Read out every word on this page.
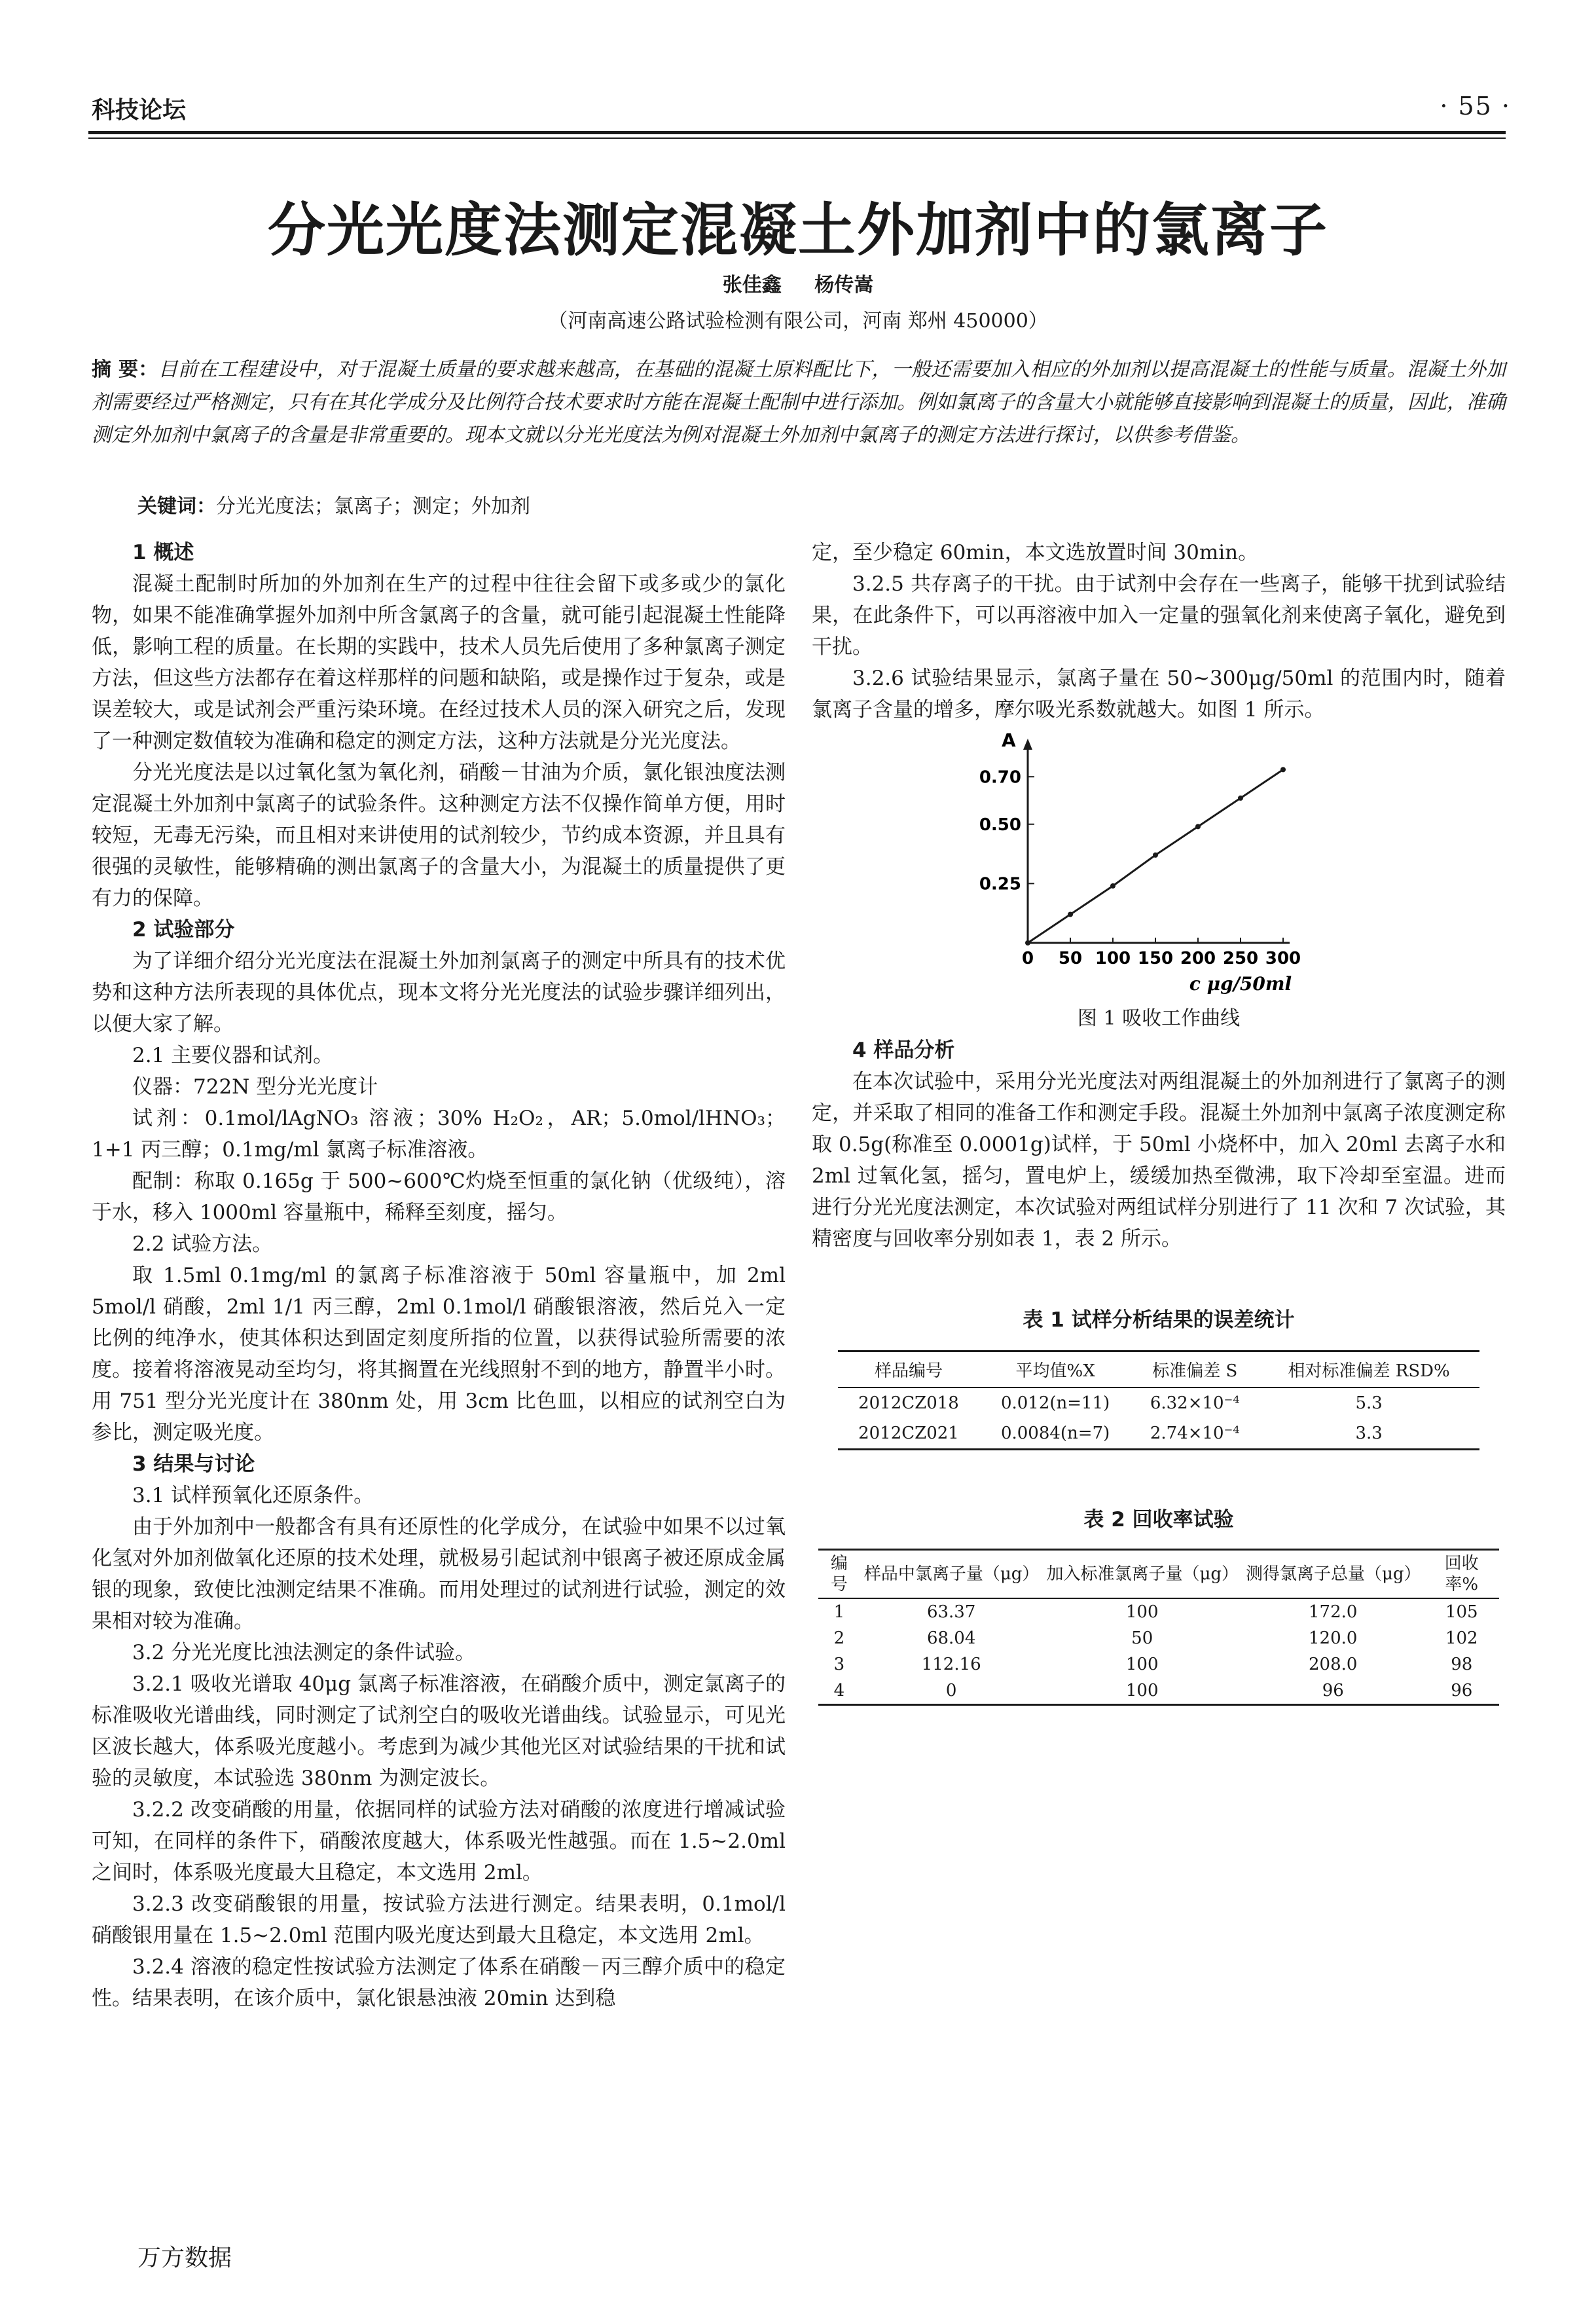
科技论坛	· 55 ·
分光光度法测定混凝土外加剂中的氯离子
张佳鑫 杨传嵩
（河南高速公路试验检测有限公司，河南 郑州 450000）
摘 要：目前在工程建设中，对于混凝土质量的要求越来越高，在基础的混凝土原料配比下，一般还需要加入相应的外加剂以提高混凝土的性能与质量。混凝土外加剂需要经过严格测定，只有在其化学成分及比例符合技术要求时方能在混凝土配制中进行添加。例如氯离子的含量大小就能够直接影响到混凝土的质量，因此，准确测定外加剂中氯离子的含量是非常重要的。现本文就以分光光度法为例对混凝土外加剂中氯离子的测定方法进行探讨，以供参考借鉴。
关键词：分光光度法；氯离子；测定；外加剂
1 概述

混凝土配制时所加的外加剂在生产的过程中往往会留下或多或少的氯化物，如果不能准确掌握外加剂中所含氯离子的含量，就可能引起混凝土性能降低，影响工程的质量。在长期的实践中，技术人员先后使用了多种氯离子测定方法，但这些方法都存在着这样那样的问题和缺陷，或是操作过于复杂，或是误差较大，或是试剂会严重污染环境。在经过技术人员的深入研究之后，发现了一种测定数值较为准确和稳定的测定方法，这种方法就是分光光度法。

分光光度法是以过氧化氢为氧化剂，硝酸－甘油为介质，氯化银浊度法测定混凝土外加剂中氯离子的试验条件。这种测定方法不仅操作简单方便，用时较短，无毒无污染，而且相对来讲使用的试剂较少，节约成本资源，并且具有很强的灵敏性，能够精确的测出氯离子的含量大小，为混凝土的质量提供了更有力的保障。

2 试验部分

为了详细介绍分光光度法在混凝土外加剂氯离子的测定中所具有的技术优势和这种方法所表现的具体优点，现本文将分光光度法的试验步骤详细列出，以便大家了解。

2.1 主要仪器和试剂。

仪器：722N 型分光光度计

试剂：0.1mol/lAgNO₃ 溶液；30% H₂O₂，AR；5.0mol/lHNO₃；1+1 丙三醇；0.1mg/ml 氯离子标准溶液。

配制：称取 0.165g 于 500~600℃灼烧至恒重的氯化钠（优级纯），溶于水，移入 1000ml 容量瓶中，稀释至刻度，摇匀。

2.2 试验方法。

取 1.5ml 0.1mg/ml 的氯离子标准溶液于 50ml 容量瓶中，加 2ml 5mol/l 硝酸，2ml 1/1 丙三醇，2ml 0.1mol/l 硝酸银溶液，然后兑入一定比例的纯净水，使其体积达到固定刻度所指的位置，以获得试验所需要的浓度。接着将溶液晃动至均匀，将其搁置在光线照射不到的地方，静置半小时。用 751 型分光光度计在 380nm 处，用 3cm 比色皿，以相应的试剂空白为参比，测定吸光度。

3 结果与讨论

3.1 试样预氧化还原条件。

由于外加剂中一般都含有具有还原性的化学成分，在试验中如果不以过氧化氢对外加剂做氧化还原的技术处理，就极易引起试剂中银离子被还原成金属银的现象，致使比浊测定结果不准确。而用处理过的试剂进行试验，测定的效果相对较为准确。

3.2 分光光度比浊法测定的条件试验。

3.2.1 吸收光谱取 40μg 氯离子标准溶液，在硝酸介质中，测定氯离子的标准吸收光谱曲线，同时测定了试剂空白的吸收光谱曲线。试验显示，可见光区波长越大，体系吸光度越小。考虑到为减少其他光区对试验结果的干扰和试验的灵敏度，本试验选 380nm 为测定波长。

3.2.2 改变硝酸的用量，依据同样的试验方法对硝酸的浓度进行增减试验可知，在同样的条件下，硝酸浓度越大，体系吸光性越强。而在 1.5~2.0ml 之间时，体系吸光度最大且稳定，本文选用 2ml。

3.2.3 改变硝酸银的用量，按试验方法进行测定。结果表明，0.1mol/l 硝酸银用量在 1.5~2.0ml 范围内吸光度达到最大且稳定，本文选用 2ml。

3.2.4 溶液的稳定性按试验方法测定了体系在硝酸－丙三醇介质中的稳定性。结果表明，在该介质中，氯化银悬浊液 20min 达到稳

定，至少稳定 60min，本文选放置时间 30min。

3.2.5 共存离子的干扰。由于试剂中会存在一些离子，能够干扰到试验结果，在此条件下，可以再溶液中加入一定量的强氧化剂来使离子氧化，避免到干扰。

3.2.6 试验结果显示，氯离子量在 50~300μg/50ml 的范围内时，随着氯离子含量的增多，摩尔吸光系数就越大。如图 1 所示。

A
0.25
0.50
0.70
0 50 100 150 200 250 300
c μg/50ml
图 1 吸收工作曲线
4 样品分析

在本次试验中，采用分光光度法对两组混凝土的外加剂进行了氯离子的测定，并采取了相同的准备工作和测定手段。混凝土外加剂中氯离子浓度测定称取 0.5g(称准至 0.0001g)试样，于 50ml 小烧杯中，加入 20ml 去离子水和 2ml 过氧化氢，摇匀，置电炉上，缓缓加热至微沸，取下冷却至室温。进而进行分光光度法测定，本次试验对两组试样分别进行了 11 次和 7 次试验，其精密度与回收率分别如表 1，表 2 所示。

表 1 试样分析结果的误差统计
样品编号	平均值%X	标准偏差 S	相对标准偏差 RSD%
2012CZ018	0.012(n=11)	6.32×10⁻⁴	5.3
2012CZ021	0.0084(n=7)	2.74×10⁻⁴	3.3
表 2 回收率试验
编号	样品中氯离子量（μg）	加入标准氯离子量（μg）	测得氯离子总量（μg）	回收率%
1	63.37	100	172.0	105
2	68.04	50	120.0	102
3	112.16	100	208.0	98
4	0	100	96	96
万方数据
